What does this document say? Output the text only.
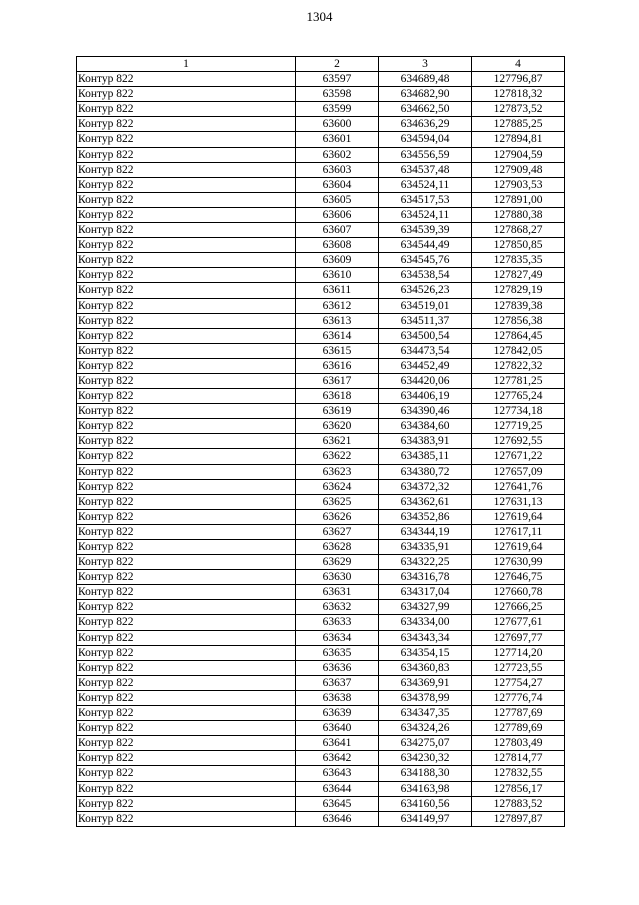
1304
1	2	3	4
Контур 822	63597	634689,48	127796,87
Контур 822	63598	634682,90	127818,32
Контур 822	63599	634662,50	127873,52
Контур 822	63600	634636,29	127885,25
Контур 822	63601	634594,04	127894,81
Контур 822	63602	634556,59	127904,59
Контур 822	63603	634537,48	127909,48
Контур 822	63604	634524,11	127903,53
Контур 822	63605	634517,53	127891,00
Контур 822	63606	634524,11	127880,38
Контур 822	63607	634539,39	127868,27
Контур 822	63608	634544,49	127850,85
Контур 822	63609	634545,76	127835,35
Контур 822	63610	634538,54	127827,49
Контур 822	63611	634526,23	127829,19
Контур 822	63612	634519,01	127839,38
Контур 822	63613	634511,37	127856,38
Контур 822	63614	634500,54	127864,45
Контур 822	63615	634473,54	127842,05
Контур 822	63616	634452,49	127822,32
Контур 822	63617	634420,06	127781,25
Контур 822	63618	634406,19	127765,24
Контур 822	63619	634390,46	127734,18
Контур 822	63620	634384,60	127719,25
Контур 822	63621	634383,91	127692,55
Контур 822	63622	634385,11	127671,22
Контур 822	63623	634380,72	127657,09
Контур 822	63624	634372,32	127641,76
Контур 822	63625	634362,61	127631,13
Контур 822	63626	634352,86	127619,64
Контур 822	63627	634344,19	127617,11
Контур 822	63628	634335,91	127619,64
Контур 822	63629	634322,25	127630,99
Контур 822	63630	634316,78	127646,75
Контур 822	63631	634317,04	127660,78
Контур 822	63632	634327,99	127666,25
Контур 822	63633	634334,00	127677,61
Контур 822	63634	634343,34	127697,77
Контур 822	63635	634354,15	127714,20
Контур 822	63636	634360,83	127723,55
Контур 822	63637	634369,91	127754,27
Контур 822	63638	634378,99	127776,74
Контур 822	63639	634347,35	127787,69
Контур 822	63640	634324,26	127789,69
Контур 822	63641	634275,07	127803,49
Контур 822	63642	634230,32	127814,77
Контур 822	63643	634188,30	127832,55
Контур 822	63644	634163,98	127856,17
Контур 822	63645	634160,56	127883,52
Контур 822	63646	634149,97	127897,87
